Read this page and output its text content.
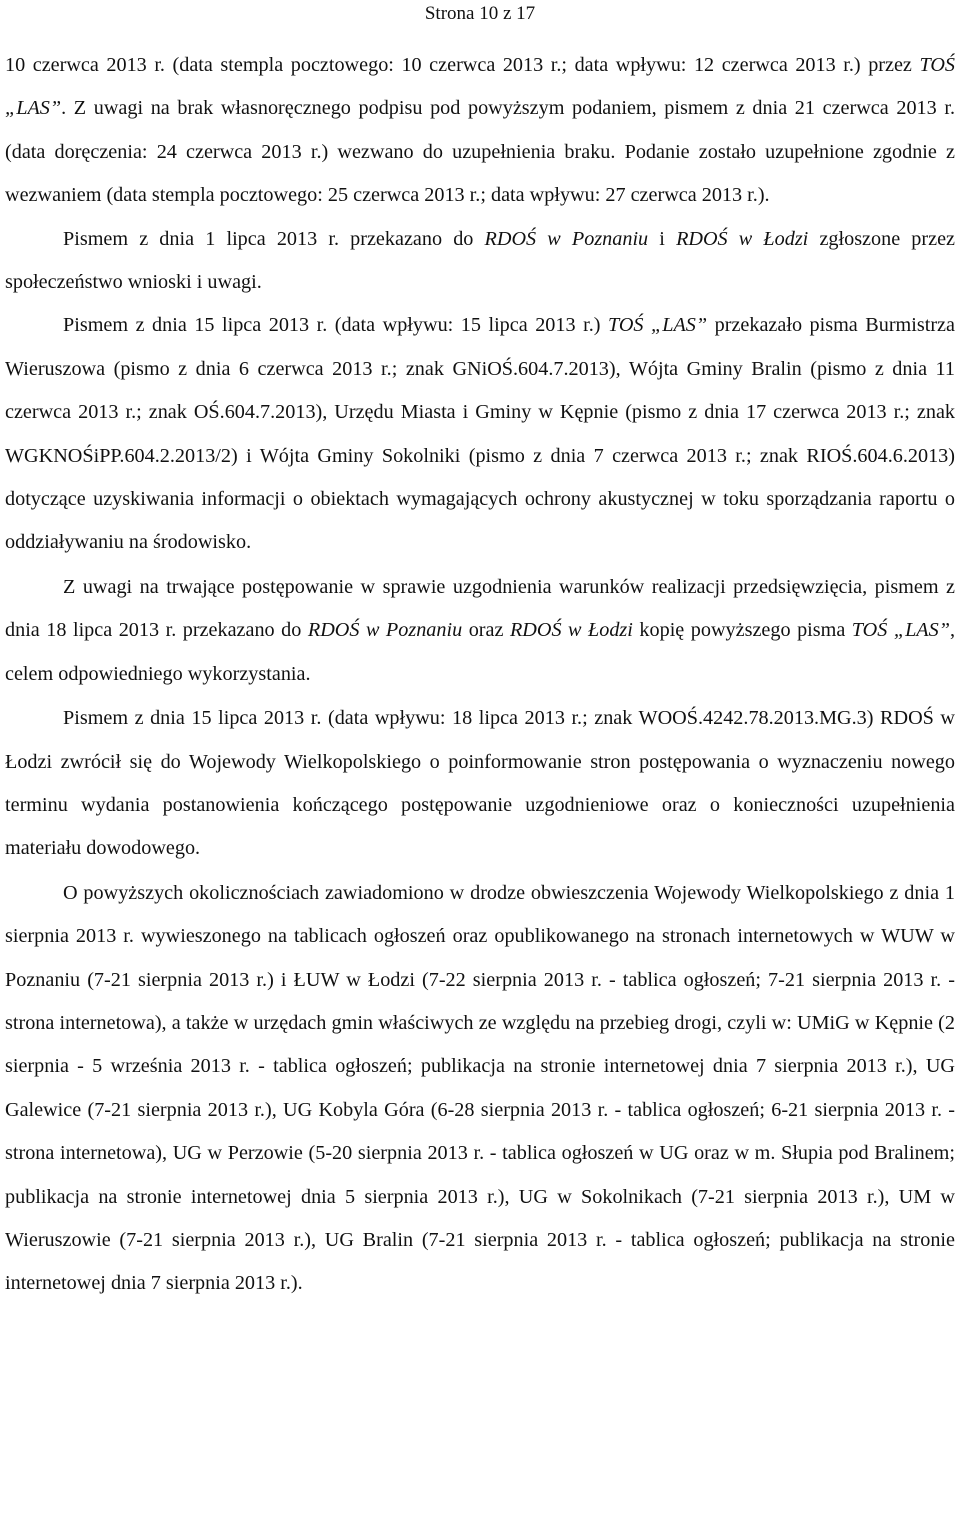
Strona 10 z 17

10 czerwca 2013 r. (data stempla pocztowego: 10 czerwca 2013 r.; data wpływu: 12 czerwca 2013 r.) przez TOŚ „LAS”. Z uwagi na brak własnoręcznego podpisu pod powyższym podaniem, pismem z dnia 21 czerwca 2013 r. (data doręczenia: 24 czerwca 2013 r.) wezwano do uzupełnienia braku. Podanie zostało uzupełnione zgodnie z wezwaniem (data stempla pocztowego: 25 czerwca 2013 r.; data wpływu: 27 czerwca 2013 r.).

Pismem z dnia 1 lipca 2013 r. przekazano do RDOŚ w Poznaniu i RDOŚ w Łodzi zgłoszone przez społeczeństwo wnioski i uwagi.

Pismem z dnia 15 lipca 2013 r. (data wpływu: 15 lipca 2013 r.) TOŚ „LAS” przekazało pisma Burmistrza Wieruszowa (pismo z dnia 6 czerwca 2013 r.; znak GNiOŚ.604.7.2013), Wójta Gminy Bralin (pismo z dnia 11 czerwca 2013 r.; znak OŚ.604.7.2013), Urzędu Miasta i Gminy w Kępnie (pismo z dnia 17 czerwca 2013 r.; znak WGKNOŚiPP.604.2.2013/2) i Wójta Gminy Sokolniki (pismo z dnia 7 czerwca 2013 r.; znak RIOŚ.604.6.2013) dotyczące uzyskiwania informacji o obiektach wymagających ochrony akustycznej w toku sporządzania raportu o oddziaływaniu na środowisko.

Z uwagi na trwające postępowanie w sprawie uzgodnienia warunków realizacji przedsięwzięcia, pismem z dnia 18 lipca 2013 r. przekazano do RDOŚ w Poznaniu oraz RDOŚ w Łodzi kopię powyższego pisma TOŚ „LAS”, celem odpowiedniego wykorzystania.

Pismem z dnia 15 lipca 2013 r. (data wpływu: 18 lipca 2013 r.; znak WOOŚ.4242.78.2013.MG.3) RDOŚ w Łodzi zwrócił się do Wojewody Wielkopolskiego o poinformowanie stron postępowania o wyznaczeniu nowego terminu wydania postanowienia kończącego postępowanie uzgodnieniowe oraz o konieczności uzupełnienia materiału dowodowego.

O powyższych okolicznościach zawiadomiono w drodze obwieszczenia Wojewody Wielkopolskiego z dnia 1 sierpnia 2013 r. wywieszonego na tablicach ogłoszeń oraz opublikowanego na stronach internetowych w WUW w Poznaniu (7-21 sierpnia 2013 r.) i ŁUW w Łodzi (7-22 sierpnia 2013 r. - tablica ogłoszeń; 7-21 sierpnia 2013 r. - strona internetowa), a także w urzędach gmin właściwych ze względu na przebieg drogi, czyli w: UMiG w Kępnie (2 sierpnia - 5 września 2013 r. - tablica ogłoszeń; publikacja na stronie internetowej dnia 7 sierpnia 2013 r.), UG Galewice (7-21 sierpnia 2013 r.), UG Kobyla Góra (6-28 sierpnia 2013 r. - tablica ogłoszeń; 6-21 sierpnia 2013 r. - strona internetowa), UG w Perzowie (5-20 sierpnia 2013 r. - tablica ogłoszeń w UG oraz w m. Słupia pod Bralinem; publikacja na stronie internetowej dnia 5 sierpnia 2013 r.), UG w Sokolnikach (7-21 sierpnia 2013 r.), UM w Wieruszowie (7-21 sierpnia 2013 r.), UG Bralin (7-21 sierpnia 2013 r. - tablica ogłoszeń; publikacja na stronie internetowej dnia 7 sierpnia 2013 r.).
